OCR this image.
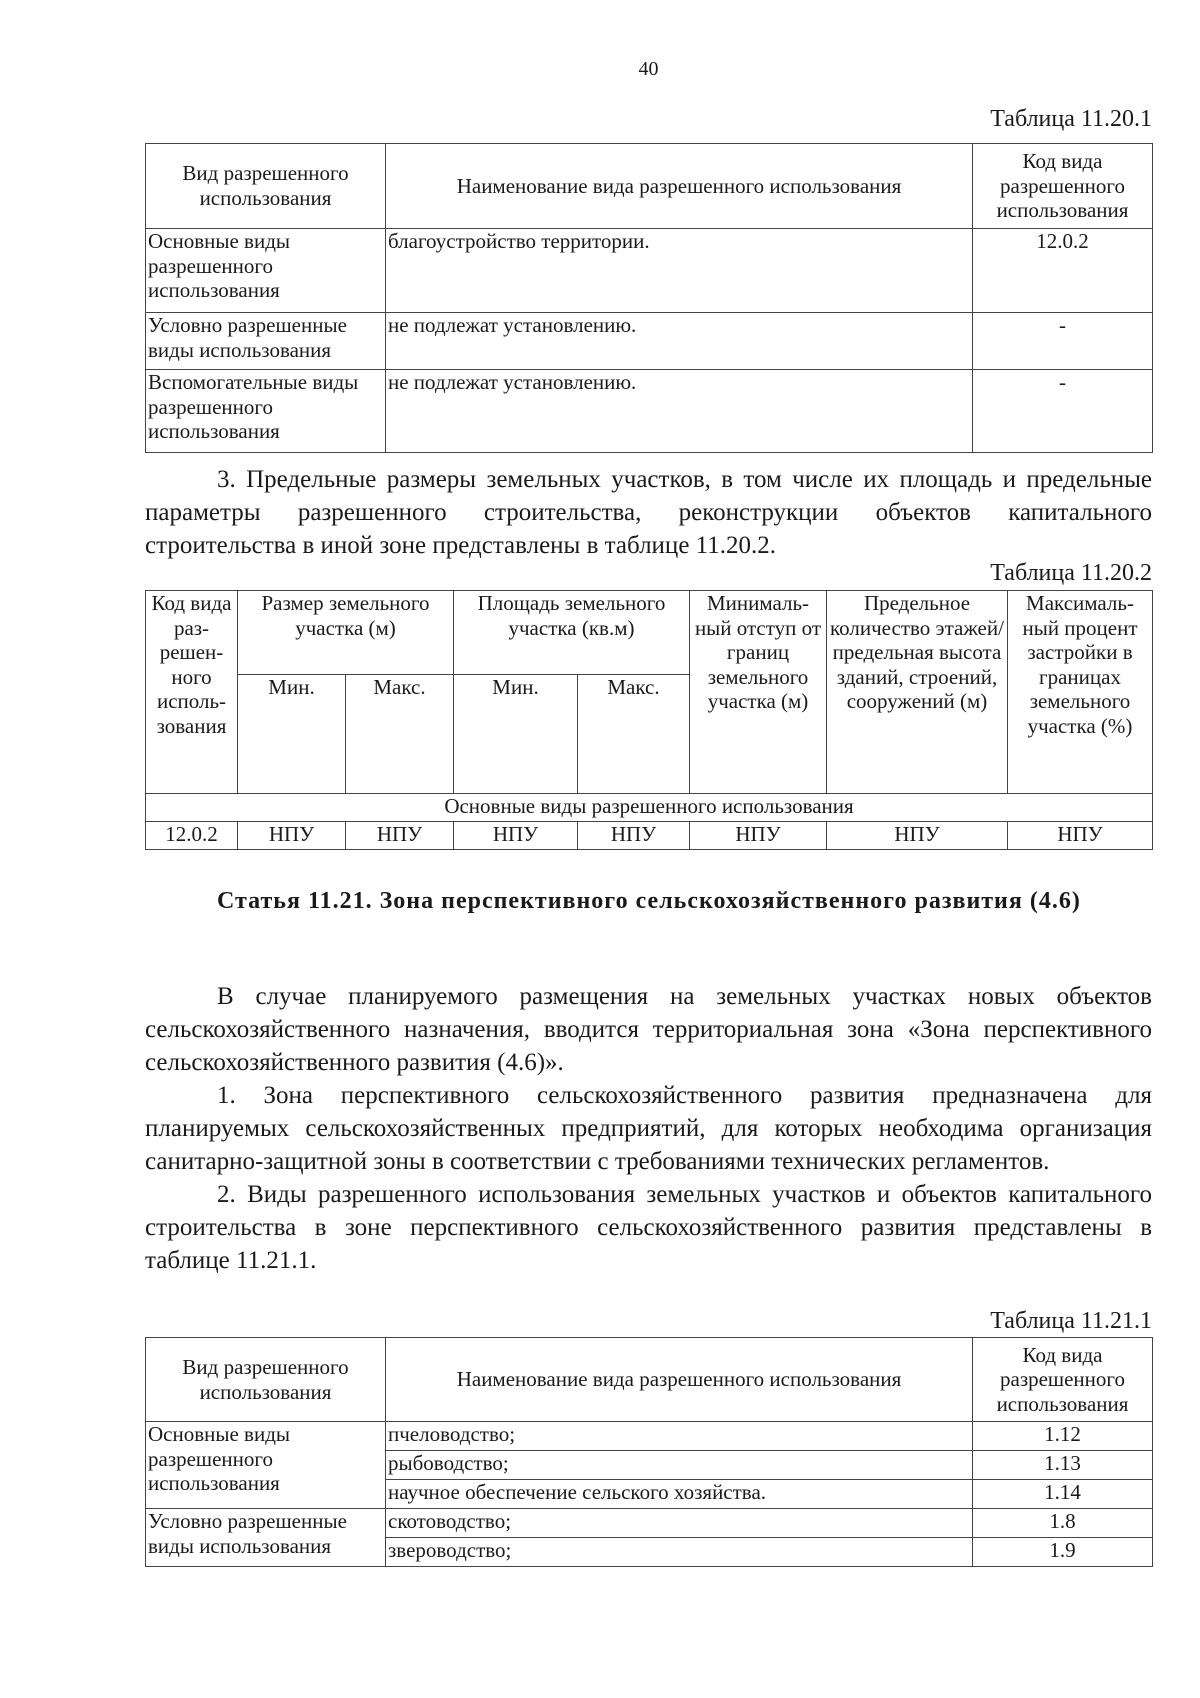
40
Таблица 11.20.1
Вид разрешенного использования	Наименование вида разрешенного использования	Код вида разрешенного использования
Основные виды разрешенного использования	благоустройство территории.	12.0.2
Условно разрешенные виды использования	не подлежат установлению.	-
Вспомогательные виды разрешенного использования	не подлежат установлению.	-

3. Предельные размеры земельных участков, в том числе их площадь и предельные параметры разрешенного строительства, реконструкции объектов капитального строительства в иной зоне представлены в таблице 11.20.2.

Таблица 11.20.2
Код вида раз-решен-ного исполь-зования	Размер земельного участка (м)		Площадь земельного участка (кв.м)		Минималь-ный отступ от границ земельного участка (м)	Предельное количество этажей/ предельная высота зданий, строений, сооружений (м)	Максималь-ный процент застройки в границах земельного участка (%)
	Мин.	Макс.	Мин.	Макс.			
Основные виды разрешенного использования							
12.0.2	НПУ	НПУ	НПУ	НПУ	НПУ	НПУ	НПУ
Статья 11.21. Зона перспективного сельскохозяйственного развития (4.6)

В случае планируемого размещения на земельных участках новых объектов сельскохозяйственного назначения, вводится территориальная зона «Зона перспективного сельскохозяйственного развития (4.6)».

1. Зона перспективного сельскохозяйственного развития предназначена для планируемых сельскохозяйственных предприятий, для которых необходима организация санитарно-защитной зоны в соответствии с требованиями технических регламентов.

2. Виды разрешенного использования земельных участков и объектов капитального строительства в зоне перспективного сельскохозяйственного развития представлены в таблице 11.21.1.

Таблица 11.21.1
Вид разрешенного использования	Наименование вида разрешенного использования	Код вида разрешенного использования
Основные виды разрешенного использования	пчеловодство;	1.12
	рыбоводство;	1.13
	научное обеспечение сельского хозяйства.	1.14
Условно разрешенные виды использования	скотоводство;	1.8
	звероводство;	1.9
